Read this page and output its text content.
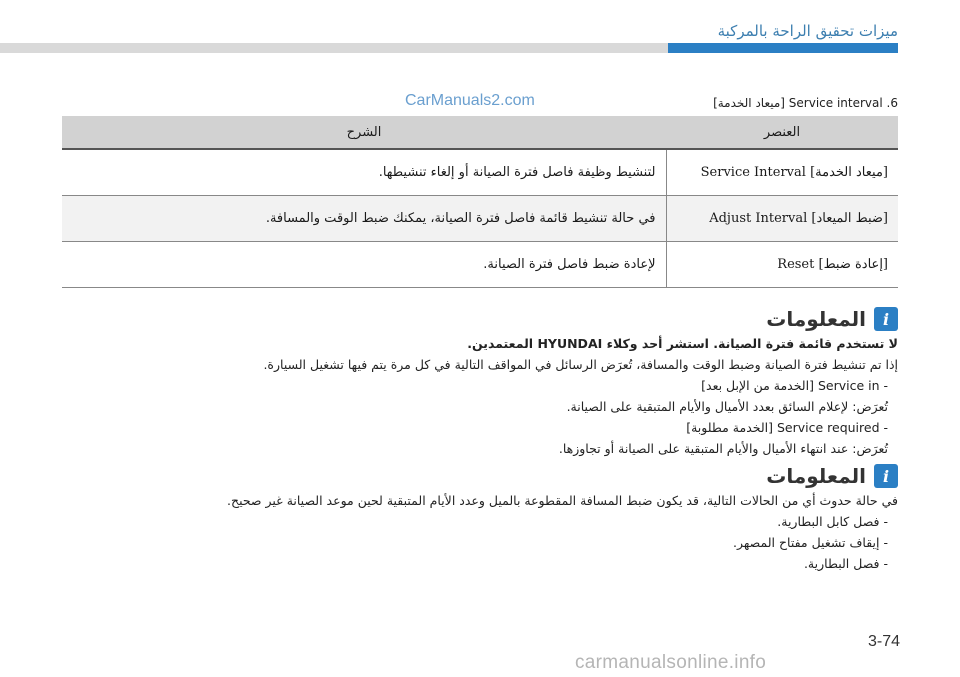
ميزات تحقيق الراحة بالمركبة
CarManuals2.com	6. Service interval [ميعاد الخدمة]
العنصر	الشرح
[ميعاد الخدمة] Service Interval	لتنشيط وظيفة فاصل فترة الصيانة أو إلغاء تنشيطها.
[ضبط الميعاد] Adjust Interval	في حالة تنشيط قائمة فاصل فترة الصيانة، يمكنك ضبط الوقت والمسافة.
[إعادة ضبط] Reset	لإعادة ضبط فاصل فترة الصيانة.
i
المعلومات
لا تستخدم قائمة فترة الصيانة. استشر أحد وكلاء HYUNDAI المعتمدين.
إذا تم تنشيط فترة الصيانة وضبط الوقت والمسافة، تُعرَض الرسائل في المواقف التالية في كل مرة يتم فيها تشغيل السيارة.
- Service in [الخدمة من الإبل بعد]
تُعرَض: لإعلام السائق بعدد الأميال والأيام المتبقية على الصيانة.
- Service required [الخدمة مطلوبة]
تُعرَض: عند انتهاء الأميال والأيام المتبقية على الصيانة أو تجاوزها.
i
المعلومات
في حالة حدوث أي من الحالات التالية، قد يكون ضبط المسافة المقطوعة بالميل وعدد الأيام المتبقية لحين موعد الصيانة غير صحيح.
- فصل كابل البطارية.
- إيقاف تشغيل مفتاح المصهر.
- فصل البطارية.
3-74
carmanualsonline.info
